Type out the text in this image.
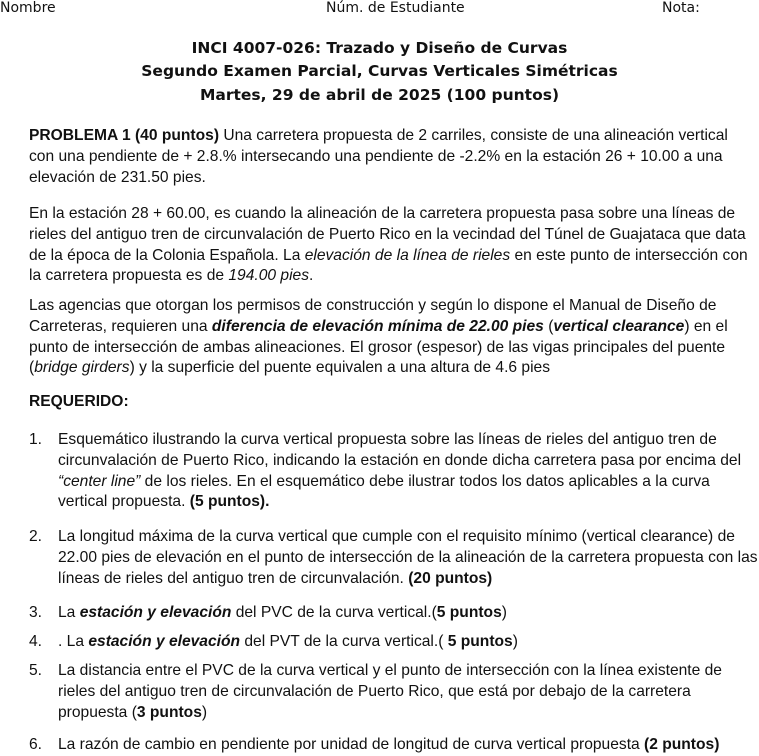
Nombre	Núm. de Estudiante	Nota:
INCI 4007-026: Trazado y Diseño de Curvas
Segundo Examen Parcial, Curvas Verticales Simétricas
Martes, 29 de abril de 2025 (100 puntos)
PROBLEMA 1 (40 puntos) Una carretera propuesta de 2 carriles, consiste de una alineación vertical con una pendiente de + 2.8.% intersecando una pendiente de -2.2% en la estación 26 + 10.00 a una elevación de 231.50 pies.
En la estación 28 + 60.00, es cuando la alineación de la carretera propuesta pasa sobre una líneas de rieles del antiguo tren de circunvalación de Puerto Rico en la vecindad del Túnel de Guajataca que data de la época de la Colonia Española. La elevación de la línea de rieles en este punto de intersección con la carretera propuesta es de 194.00 pies.
Las agencias que otorgan los permisos de construcción y según lo dispone el Manual de Diseño de Carreteras, requieren una diferencia de elevación mínima de 22.00 pies (vertical clearance) en el punto de intersección de ambas alineaciones. El grosor (espesor) de las vigas principales del puente (bridge girders) y la superficie del puente equivalen a una altura de 4.6 pies
REQUERIDO:
1. Esquemático ilustrando la curva vertical propuesta sobre las líneas de rieles del antiguo tren de circunvalación de Puerto Rico, indicando la estación en donde dicha carretera pasa por encima del “center line” de los rieles. En el esquemático debe ilustrar todos los datos aplicables a la curva vertical propuesta. (5 puntos).
2. La longitud máxima de la curva vertical que cumple con el requisito mínimo (vertical clearance) de 22.00 pies de elevación en el punto de intersección de la alineación de la carretera propuesta con las líneas de rieles del antiguo tren de circunvalación. (20 puntos)
3. La estación y elevación del PVC de la curva vertical.(5 puntos)
4. . La estación y elevación del PVT de la curva vertical.( 5 puntos)
5. La distancia entre el PVC de la curva vertical y el punto de intersección con la línea existente de rieles del antiguo tren de circunvalación de Puerto Rico, que está por debajo de la carretera propuesta (3 puntos)
6. La razón de cambio en pendiente por unidad de longitud de curva vertical propuesta (2 puntos)
